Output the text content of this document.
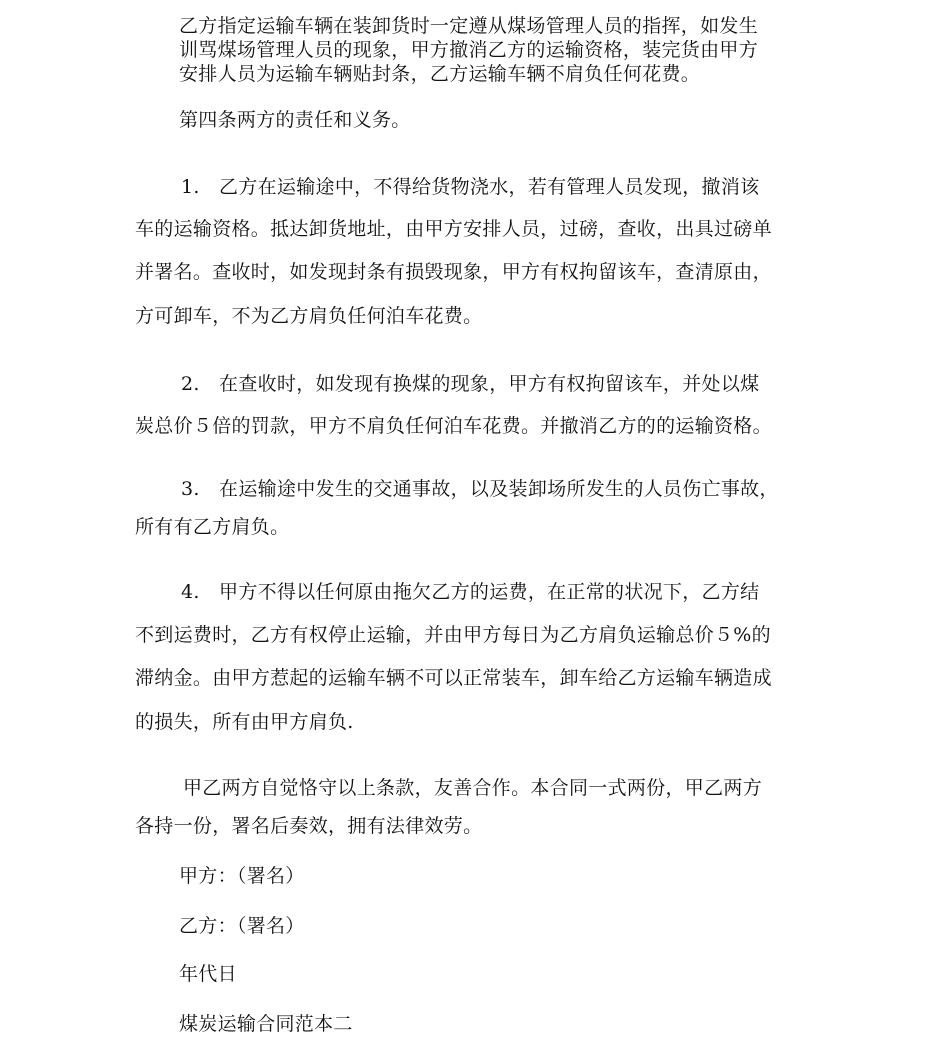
乙方指定运输车辆在装卸货时一定遵从煤场管理人员的指挥，如发生
训骂煤场管理人员的现象，甲方撤消乙方的运输资格，装完货由甲方
安排人员为运输车辆贴封条，乙方运输车辆不肩负任何花费。
第四条两方的责任和义务。
1.　乙方在运输途中，不得给货物浇水，若有管理人员发现，撤消该
车的运输资格。抵达卸货地址，由甲方安排人员，过磅，查收，出具过磅单
并署名。查收时，如发现封条有损毁现象，甲方有权拘留该车，查清原由，
方可卸车，不为乙方肩负任何泊车花费。
2.　在查收时，如发现有换煤的现象，甲方有权拘留该车，并处以煤
炭总价５倍的罚款，甲方不肩负任何泊车花费。并撤消乙方的的运输资格。
3.　在运输途中发生的交通事故，以及装卸场所发生的人员伤亡事故，
所有有乙方肩负。
4.　甲方不得以任何原由拖欠乙方的运费，在正常的状况下，乙方结
不到运费时，乙方有权停止运输，并由甲方每日为乙方肩负运输总价５%的
滞纳金。由甲方惹起的运输车辆不可以正常装车，卸车给乙方运输车辆造成
的损失，所有由甲方肩负.
甲乙两方自觉恪守以上条款，友善合作。本合同一式两份，甲乙两方
各持一份，署名后奏效，拥有法律效劳。
甲方：（署名）
乙方：（署名）
年代日
煤炭运输合同范本二
